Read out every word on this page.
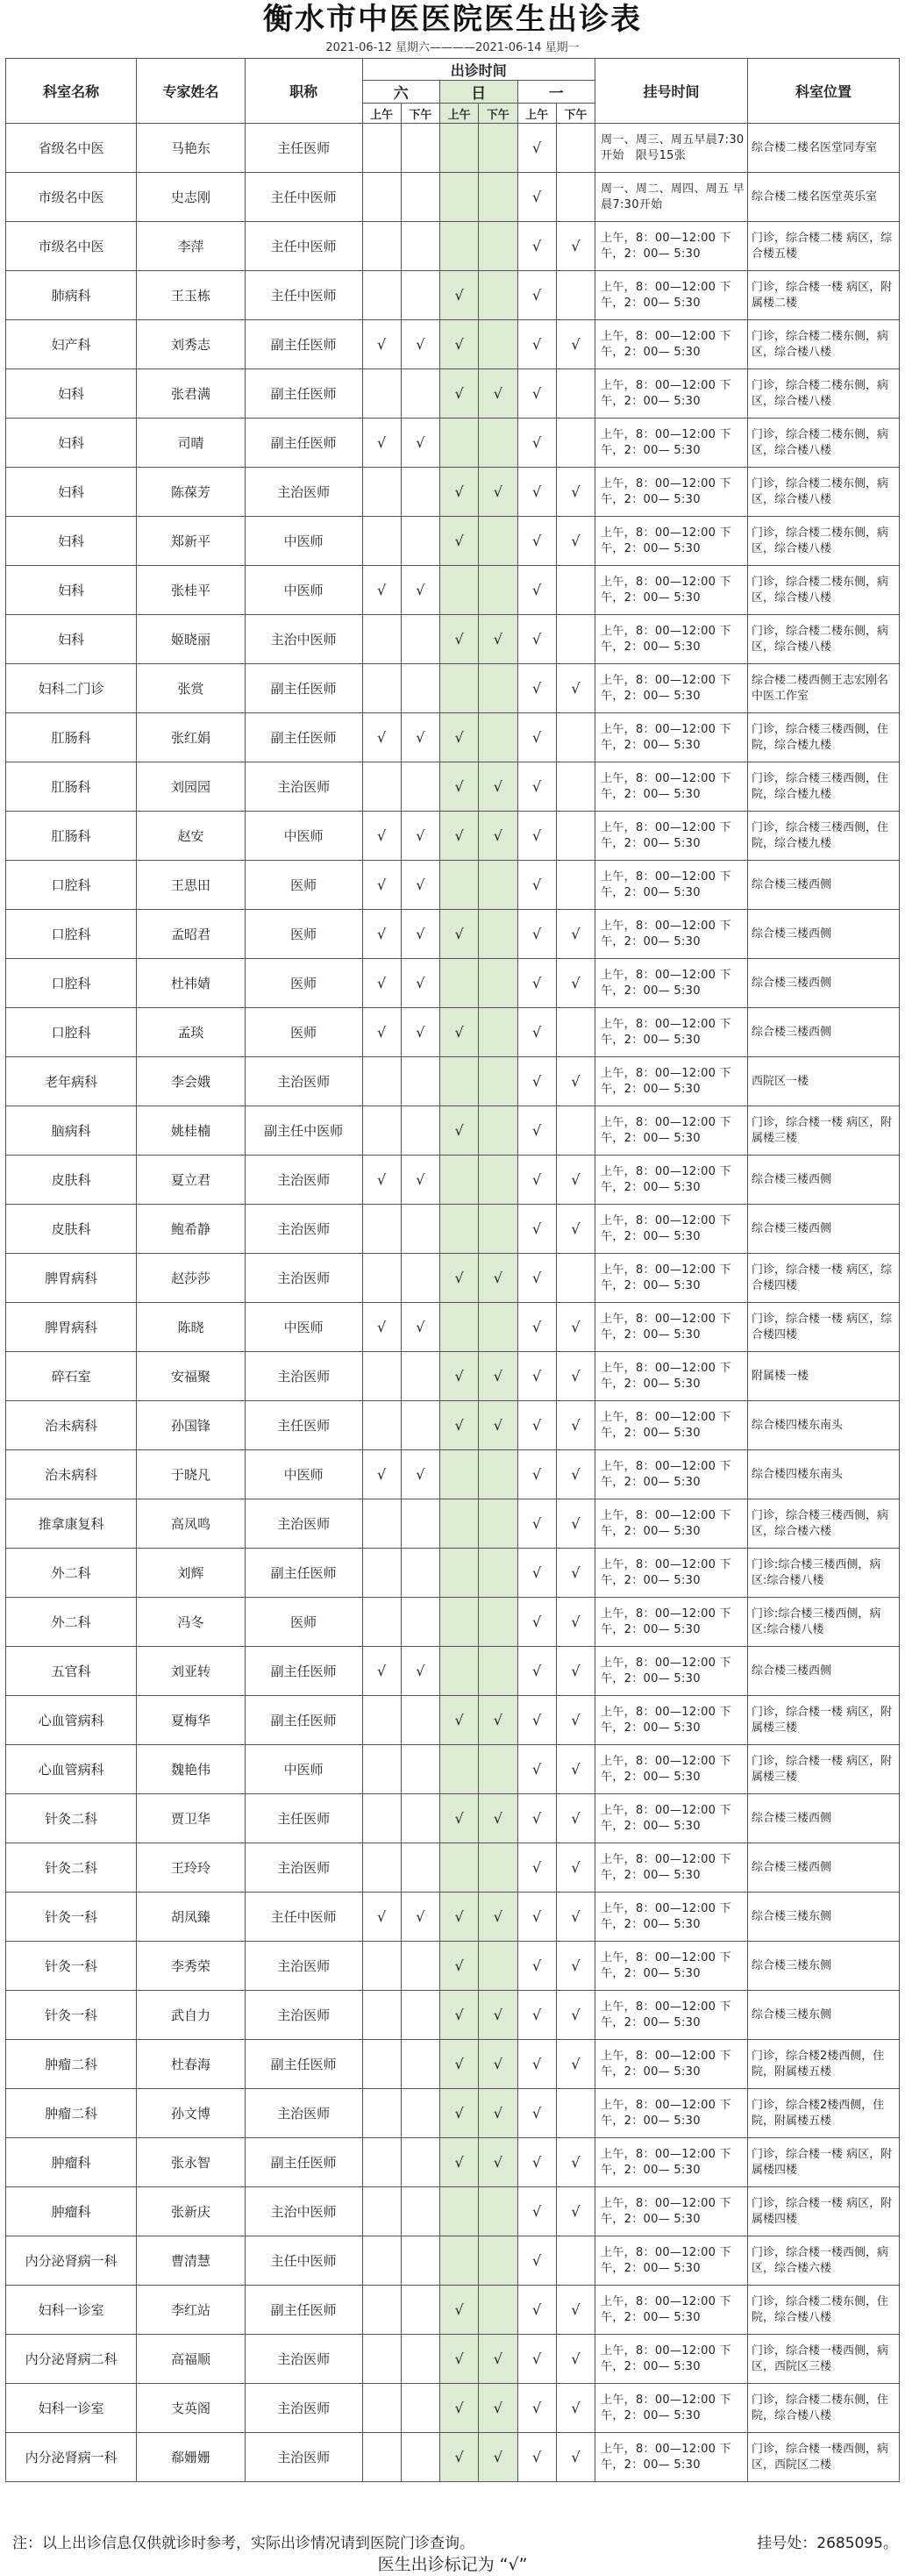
衡水市中医医院医生出诊表
2021-06-12 星期六————2021-06-14 星期一
科室名称	专家姓名	职称	出诊时间						挂号时间	科室位置
			六		日		一			
			上午	下午	上午	下午	上午	下午		
省级名中医	马艳东	主任医师					√		周一、周三、周五早晨7:30开始　限号15张	综合楼二楼名医堂同寿室
市级名中医	史志刚	主任中医师					√		周一、周二、周四、周五 早晨7:30开始	综合楼二楼名医堂英乐室
市级名中医	李萍	主任中医师					√	√	上午，8：00—12:00 下午，2：00— 5:30	门诊，综合楼二楼 病区，综合楼五楼
肺病科	王玉栋	主任中医师			√		√		上午，8：00—12:00 下午，2：00— 5:30	门诊，综合楼一楼 病区，附属楼二楼
妇产科	刘秀志	副主任医师	√	√	√		√	√	上午，8：00—12:00 下午，2：00— 5:30	门诊，综合楼二楼东侧，病区，综合楼八楼
妇科	张君满	副主任医师			√	√	√		上午，8：00—12:00 下午，2：00— 5:30	门诊，综合楼二楼东侧，病区，综合楼八楼
妇科	司晴	副主任医师	√	√			√		上午，8：00—12:00 下午，2：00— 5:30	门诊，综合楼二楼东侧，病区，综合楼八楼
妇科	陈葆芳	主治医师			√	√	√	√	上午，8：00—12:00 下午，2：00— 5:30	门诊，综合楼二楼东侧，病区，综合楼八楼
妇科	郑新平	中医师			√		√	√	上午，8：00—12:00 下午，2：00— 5:30	门诊，综合楼二楼东侧，病区，综合楼八楼
妇科	张桂平	中医师	√	√			√		上午，8：00—12:00 下午，2：00— 5:30	门诊，综合楼二楼东侧，病区，综合楼八楼
妇科	姬晓丽	主治中医师			√	√	√		上午，8：00—12:00 下午，2：00— 5:30	门诊，综合楼二楼东侧，病区，综合楼八楼
妇科二门诊	张赏	副主任医师					√	√	上午，8：00—12:00 下午，2：00— 5:30	综合楼二楼西侧王志宏刚名中医工作室
肛肠科	张红娟	副主任医师	√	√	√		√		上午，8：00—12:00 下午，2：00— 5:30	门诊，综合楼三楼西侧，住院，综合楼九楼
肛肠科	刘园园	主治医师			√	√	√		上午，8：00—12:00 下午，2：00— 5:30	门诊，综合楼三楼西侧，住院，综合楼九楼
肛肠科	赵安	中医师	√	√	√	√	√		上午，8：00—12:00 下午，2：00— 5:30	门诊，综合楼三楼西侧，住院，综合楼九楼
口腔科	王思田	医师	√	√			√		上午，8：00—12:00 下午，2：00— 5:30	综合楼三楼西侧
口腔科	孟昭君	医师	√	√	√		√	√	上午，8：00—12:00 下午，2：00— 5:30	综合楼三楼西侧
口腔科	杜祎婧	医师	√	√			√	√	上午，8：00—12:00 下午，2：00— 5:30	综合楼三楼西侧
口腔科	孟琰	医师	√	√	√		√		上午，8：00—12:00 下午，2：00— 5:30	综合楼三楼西侧
老年病科	李会娥	主治医师					√	√	上午，8：00—12:00 下午，2：00— 5:30	西院区一楼
脑病科	姚桂楠	副主任中医师			√		√		上午，8：00—12:00 下午，2：00— 5:30	门诊，综合楼一楼 病区，附属楼三楼
皮肤科	夏立君	主治医师	√	√			√	√	上午，8：00—12:00 下午，2：00— 5:30	综合楼三楼西侧
皮肤科	鲍希静	主治医师					√	√	上午，8：00—12:00 下午，2：00— 5:30	综合楼三楼西侧
脾胃病科	赵莎莎	主治医师			√	√	√		上午，8：00—12:00 下午，2：00— 5:30	门诊，综合楼一楼 病区，综合楼四楼
脾胃病科	陈晓	中医师	√	√			√	√	上午，8：00—12:00 下午，2：00— 5:30	门诊，综合楼一楼 病区，综合楼四楼
碎石室	安福聚	主治医师			√	√	√	√	上午，8：00—12:00 下午，2：00— 5:30	附属楼一楼
治未病科	孙国锋	主任医师			√	√	√	√	上午，8：00—12:00 下午，2：00— 5:30	综合楼四楼东南头
治未病科	于晓凡	中医师	√	√			√	√	上午，8：00—12:00 下午，2：00— 5:30	综合楼四楼东南头
推拿康复科	高凤鸣	主治医师					√	√	上午，8：00—12:00 下午，2：00— 5:30	门诊，综合楼三楼西侧，病区，综合楼六楼
外二科	刘辉	副主任医师					√	√	上午，8：00—12:00 下午，2：00— 5:30	门诊:综合楼三楼西侧，病区:综合楼八楼
外二科	冯冬	医师					√	√	上午，8：00—12:00 下午，2：00— 5:30	门诊:综合楼三楼西侧，病区:综合楼八楼
五官科	刘亚转	副主任医师	√	√			√	√	上午，8：00—12:00 下午，2：00— 5:30	综合楼三楼西侧
心血管病科	夏梅华	副主任医师			√	√	√	√	上午，8：00—12:00 下午，2：00— 5:30	门诊，综合楼一楼 病区，附属楼三楼
心血管病科	魏艳伟	中医师					√	√	上午，8：00—12:00 下午，2：00— 5:30	门诊，综合楼一楼 病区，附属楼三楼
针灸二科	贾卫华	主任医师			√	√	√	√	上午，8：00—12:00 下午，2：00— 5:30	综合楼三楼西侧
针灸二科	王玲玲	主治医师					√	√	上午，8：00—12:00 下午，2：00— 5:30	综合楼三楼西侧
针灸一科	胡凤臻	主任中医师	√	√	√	√	√	√	上午，8：00—12:00 下午，2：00— 5:30	综合楼三楼东侧
针灸一科	李秀荣	主治医师			√		√	√	上午，8：00—12:00 下午，2：00— 5:30	综合楼三楼东侧
针灸一科	武自力	主治医师			√	√	√	√	上午，8：00—12:00 下午，2：00— 5:30	综合楼三楼东侧
肿瘤二科	杜春海	副主任医师			√	√	√	√	上午，8：00—12:00 下午，2：00— 5:30	门诊，综合楼2楼西侧，住院，附属楼五楼
肿瘤二科	孙文博	主治医师			√	√	√		上午，8：00—12:00 下午，2：00— 5:30	门诊，综合楼2楼西侧，住院，附属楼五楼
肿瘤科	张永智	副主任医师			√	√	√	√	上午，8：00—12:00 下午，2：00— 5:30	门诊，综合楼一楼 病区，附属楼四楼
肿瘤科	张新庆	主治中医师					√	√	上午，8：00—12:00 下午，2：00— 5:30	门诊，综合楼一楼 病区，附属楼四楼
内分泌肾病一科	曹清慧	主任中医师					√		上午，8：00—12:00 下午，2：00— 5:30	门诊，综合楼一楼西侧，病区，综合楼六楼
妇科一诊室	李红站	副主任医师			√		√	√	上午，8：00—12:00 下午，2：00— 5:30	门诊，综合楼二楼东侧，住院，综合楼八楼
内分泌肾病二科	高福顺	主治医师			√	√	√	√	上午，8：00—12:00 下午，2：00— 5:30	门诊，综合楼一楼西侧，病区，西院区三楼
妇科一诊室	支英阁	主治医师			√	√	√	√	上午，8：00—12:00 下午，2：00— 5:30	门诊，综合楼二楼东侧，住院，综合楼八楼
内分泌肾病一科	郗姗姗	主治医师			√	√	√	√	上午，8：00—12:00 下午，2：00— 5:30	门诊，综合楼一楼西侧，病区，西院区二楼
注：以上出诊信息仅供就诊时参考，实际出诊情况请到医院门诊查询。	挂号处：2685095。
医生出诊标记为 “√”
